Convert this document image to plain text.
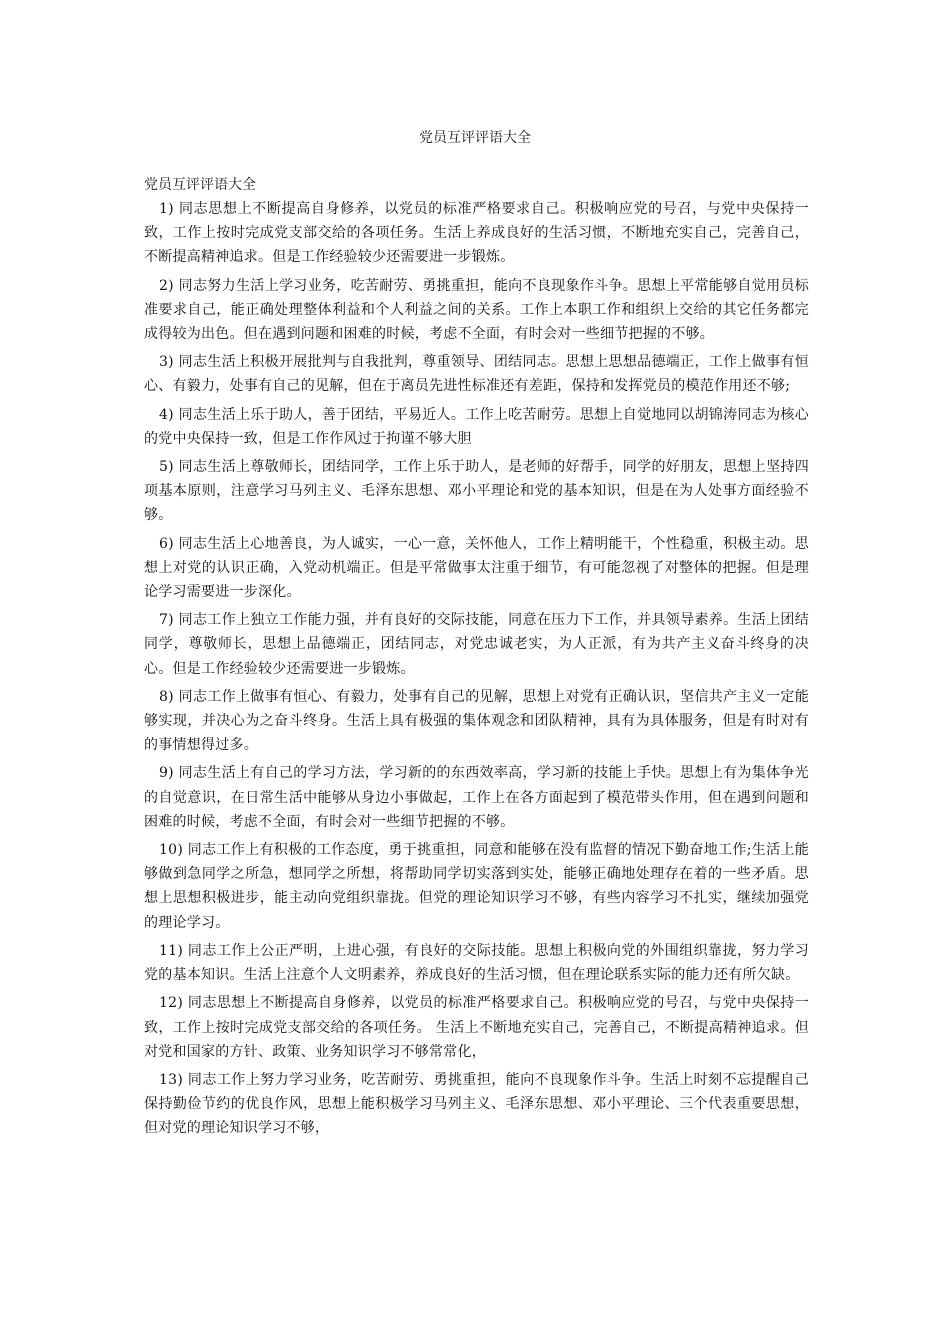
党员互评评语大全
党员互评评语大全

1) 同志思想上不断提高自身修养，以党员的标准严格要求自己。积极响应党的号召，与党中央保持一致，工作上按时完成党支部交给的各项任务。生活上养成良好的生活习惯，不断地充实自己，完善自己，不断提高精神追求。但是工作经验较少还需要进一步锻炼。

2) 同志努力生活上学习业务，吃苦耐劳、勇挑重担，能向不良现象作斗争。思想上平常能够自觉用员标准要求自己，能正确处理整体利益和个人利益之间的关系。工作上本职工作和组织上交给的其它任务都完成得较为出色。但在遇到问题和困难的时候，考虑不全面，有时会对一些细节把握的不够。

3) 同志生活上积极开展批判与自我批判，尊重领导、团结同志。思想上思想品德端正，工作上做事有恒心、有毅力，处事有自己的见解，但在于离员先进性标准还有差距，保持和发挥党员的模范作用还不够;

4) 同志生活上乐于助人，善于团结，平易近人。工作上吃苦耐劳。思想上自觉地同以胡锦涛同志为核心的党中央保持一致，但是工作作风过于拘谨不够大胆

5) 同志生活上尊敬师长，团结同学，工作上乐于助人，是老师的好帮手，同学的好朋友，思想上坚持四项基本原则，注意学习马列主义、毛泽东思想、邓小平理论和党的基本知识，但是在为人处事方面经验不够。

6) 同志生活上心地善良，为人诚实，一心一意，关怀他人，工作上精明能干，个性稳重，积极主动。思想上对党的认识正确，入党动机端正。但是平常做事太注重于细节，有可能忽视了对整体的把握。但是理论学习需要进一步深化。

7) 同志工作上独立工作能力强，并有良好的交际技能，同意在压力下工作，并具领导素养。生活上团结同学，尊敬师长，思想上品德端正，团结同志，对党忠诚老实，为人正派，有为共产主义奋斗终身的决心。但是工作经验较少还需要进一步锻炼。

8) 同志工作上做事有恒心、有毅力，处事有自己的见解，思想上对党有正确认识，坚信共产主义一定能够实现，并决心为之奋斗终身。生活上具有极强的集体观念和团队精神，具有为具体服务，但是有时对有的事情想得过多。

9) 同志生活上有自己的学习方法，学习新的的东西效率高，学习新的技能上手快。思想上有为集体争光的自觉意识，在日常生活中能够从身边小事做起，工作上在各方面起到了模范带头作用，但在遇到问题和困难的时候，考虑不全面，有时会对一些细节把握的不够。

10) 同志工作上有积极的工作态度，勇于挑重担，同意和能够在没有监督的情况下勤奋地工作;生活上能够做到急同学之所急，想同学之所想，将帮助同学切实落到实处，能够正确地处理存在着的一些矛盾。思想上思想积极进步，能主动向党组织靠拢。但党的理论知识学习不够，有些内容学习不扎实，继续加强党的理论学习。

11) 同志工作上公正严明，上进心强，有良好的交际技能。思想上积极向党的外围组织靠拢，努力学习党的基本知识。生活上注意个人文明素养，养成良好的生活习惯，但在理论联系实际的能力还有所欠缺。

12) 同志思想上不断提高自身修养，以党员的标准严格要求自己。积极响应党的号召，与党中央保持一致，工作上按时完成党支部交给的各项任务。 生活上不断地充实自己，完善自己，不断提高精神追求。但对党和国家的方针、政策、业务知识学习不够常常化，

13) 同志工作上努力学习业务，吃苦耐劳、勇挑重担，能向不良现象作斗争。生活上时刻不忘提醒自己保持勤俭节约的优良作风，思想上能积极学习马列主义、毛泽东思想、邓小平理论、三个代表重要思想，但对党的理论知识学习不够，
